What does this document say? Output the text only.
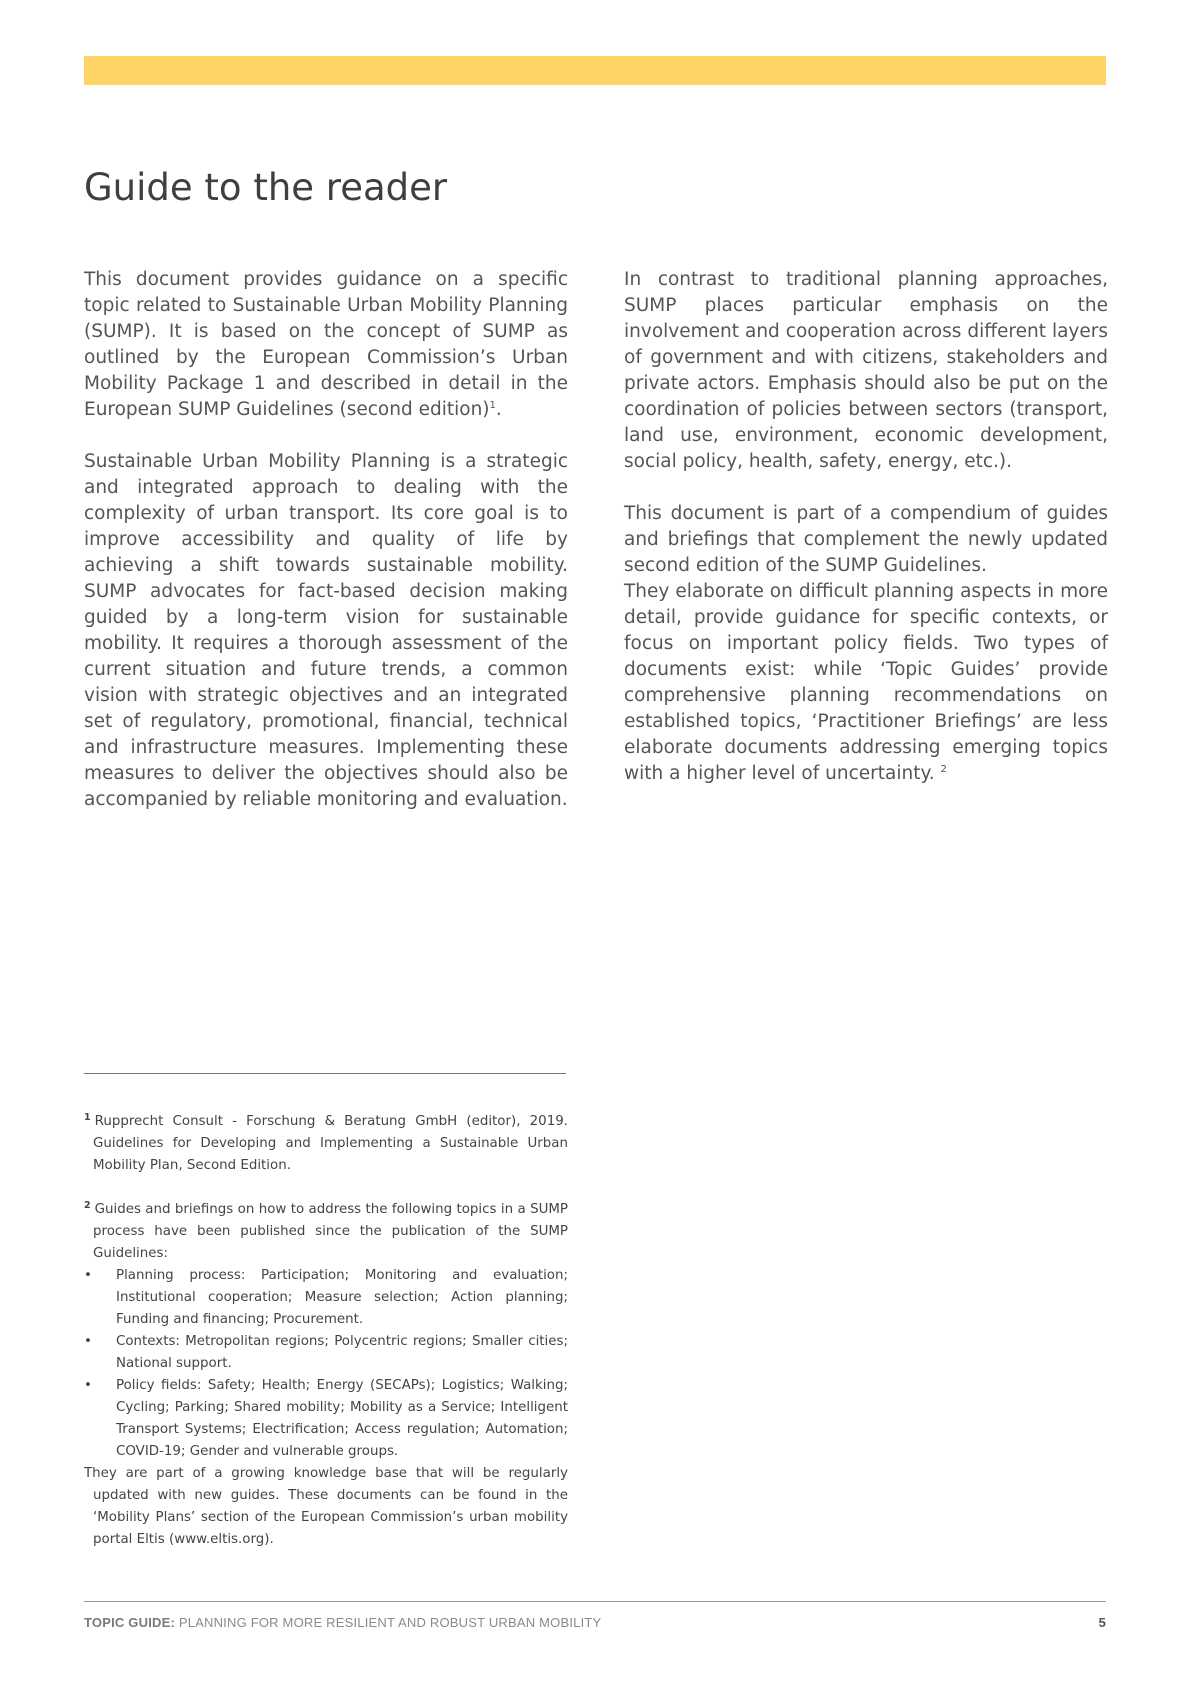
Guide to the reader

This document provides guidance on a specific topic related to Sustainable Urban Mobility Planning (SUMP). It is based on the concept of SUMP as outlined by the European Commission’s Urban Mobility Package 1 and described in detail in the European SUMP Guidelines (second edition)$^1$.

Sustainable Urban Mobility Planning is a strategic and integrated approach to dealing with the complexity of urban transport. Its core goal is to improve accessibility and quality of life by achieving a shift towards sustainable mobility. SUMP advocates for fact-based decision making guided by a long-term vision for sustainable mobility. It requires a thorough assessment of the current situation and future trends, a common vision with strategic objectives and an integrated set of regulatory, promotional, financial, technical and infrastructure measures. Implementing these measures to deliver the objectives should also be accompanied by reliable monitoring and evaluation.

In contrast to traditional planning approaches, SUMP places particular emphasis on the involvement and cooperation across different layers of government and with citizens, stakeholders and private actors. Emphasis should also be put on the coordination of policies between sectors (transport, land use, environment, economic development, social policy, health, safety, energy, etc.).

This document is part of a compendium of guides and briefings that complement the newly updated second edition of the SUMP Guidelines.

They elaborate on difficult planning aspects in more detail, provide guidance for specific contexts, or focus on important policy fields. Two types of documents exist: while ‘Topic Guides’ provide comprehensive planning recommendations on established topics, ‘Practitioner Briefings’ are less elaborate documents addressing emerging topics with a higher level of uncertainty. $^2$

$^1$ Rupprecht Consult - Forschung & Beratung GmbH (editor), 2019. Guidelines for Developing and Implementing a Sustainable Urban Mobility Plan, Second Edition.

$^2$ Guides and briefings on how to address the following topics in a SUMP process have been published since the publication of the SUMP Guidelines:

• Planning process: Participation; Monitoring and evaluation; Institutional cooperation; Measure selection; Action planning; Funding and financing; Procurement.
• Contexts: Metropolitan regions; Polycentric regions; Smaller cities; National support.
• Policy fields: Safety; Health; Energy (SECAPs); Logistics; Walking; Cycling; Parking; Shared mobility; Mobility as a Service; Intelligent Transport Systems; Electrification; Access regulation; Automation; COVID-19; Gender and vulnerable groups.

They are part of a growing knowledge base that will be regularly updated with new guides. These documents can be found in the ‘Mobility Plans’ section of the European Commission’s urban mobility portal Eltis (www.eltis.org).

TOPIC GUIDE: PLANNING FOR MORE RESILIENT AND ROBUST URBAN MOBILITY	5
